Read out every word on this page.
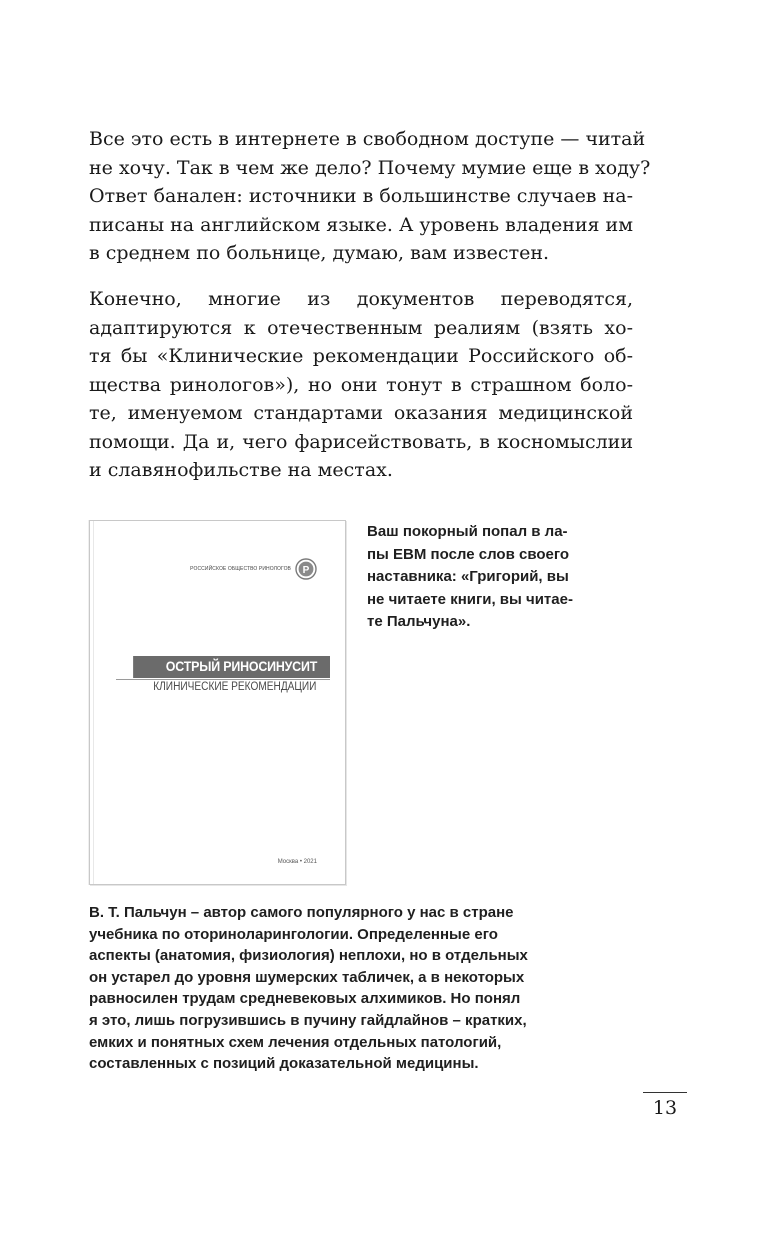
Все это есть в интернете в свободном доступе — читай
не хочу. Так в чем же дело? Почему мумие еще в ходу?
Ответ банален: источники в большинстве случаев на-
писаны на английском языке. А уровень владения им
в среднем по больнице, думаю, вам известен.
Конечно, многие из документов переводятся,
адаптируются к отечественным реалиям (взять хо-
тя бы «Клинические рекомендации Российского об-
щества ринологов»), но они тонут в страшном боло-
те, именуемом стандартами оказания медицинской
помощи. Да и, чего фарисействовать, в косномыслии
и славянофильстве на местах.
РОССИЙСКОЕ ОБЩЕСТВО РИНОЛОГОВ Р
ОСТРЫЙ РИНОСИНУСИТ
КЛИНИЧЕСКИЕ РЕКОМЕНДАЦИИ
Москва • 2021
Ваш покорный попал в ла-
пы EBM после слов своего
наставника: «Григорий, вы
не читаете книги, вы читае-
те Пальчуна».
В. Т. Пальчун – автор самого популярного у нас в стране
учебника по оториноларингологии. Определенные его
аспекты (анатомия, физиология) неплохи, но в отдельных
он устарел до уровня шумерских табличек, а в некоторых
равносилен трудам средневековых алхимиков. Но понял
я это, лишь погрузившись в пучину гайдлайнов – кратких,
емких и понятных схем лечения отдельных патологий,
составленных с позиций доказательной медицины.
13
